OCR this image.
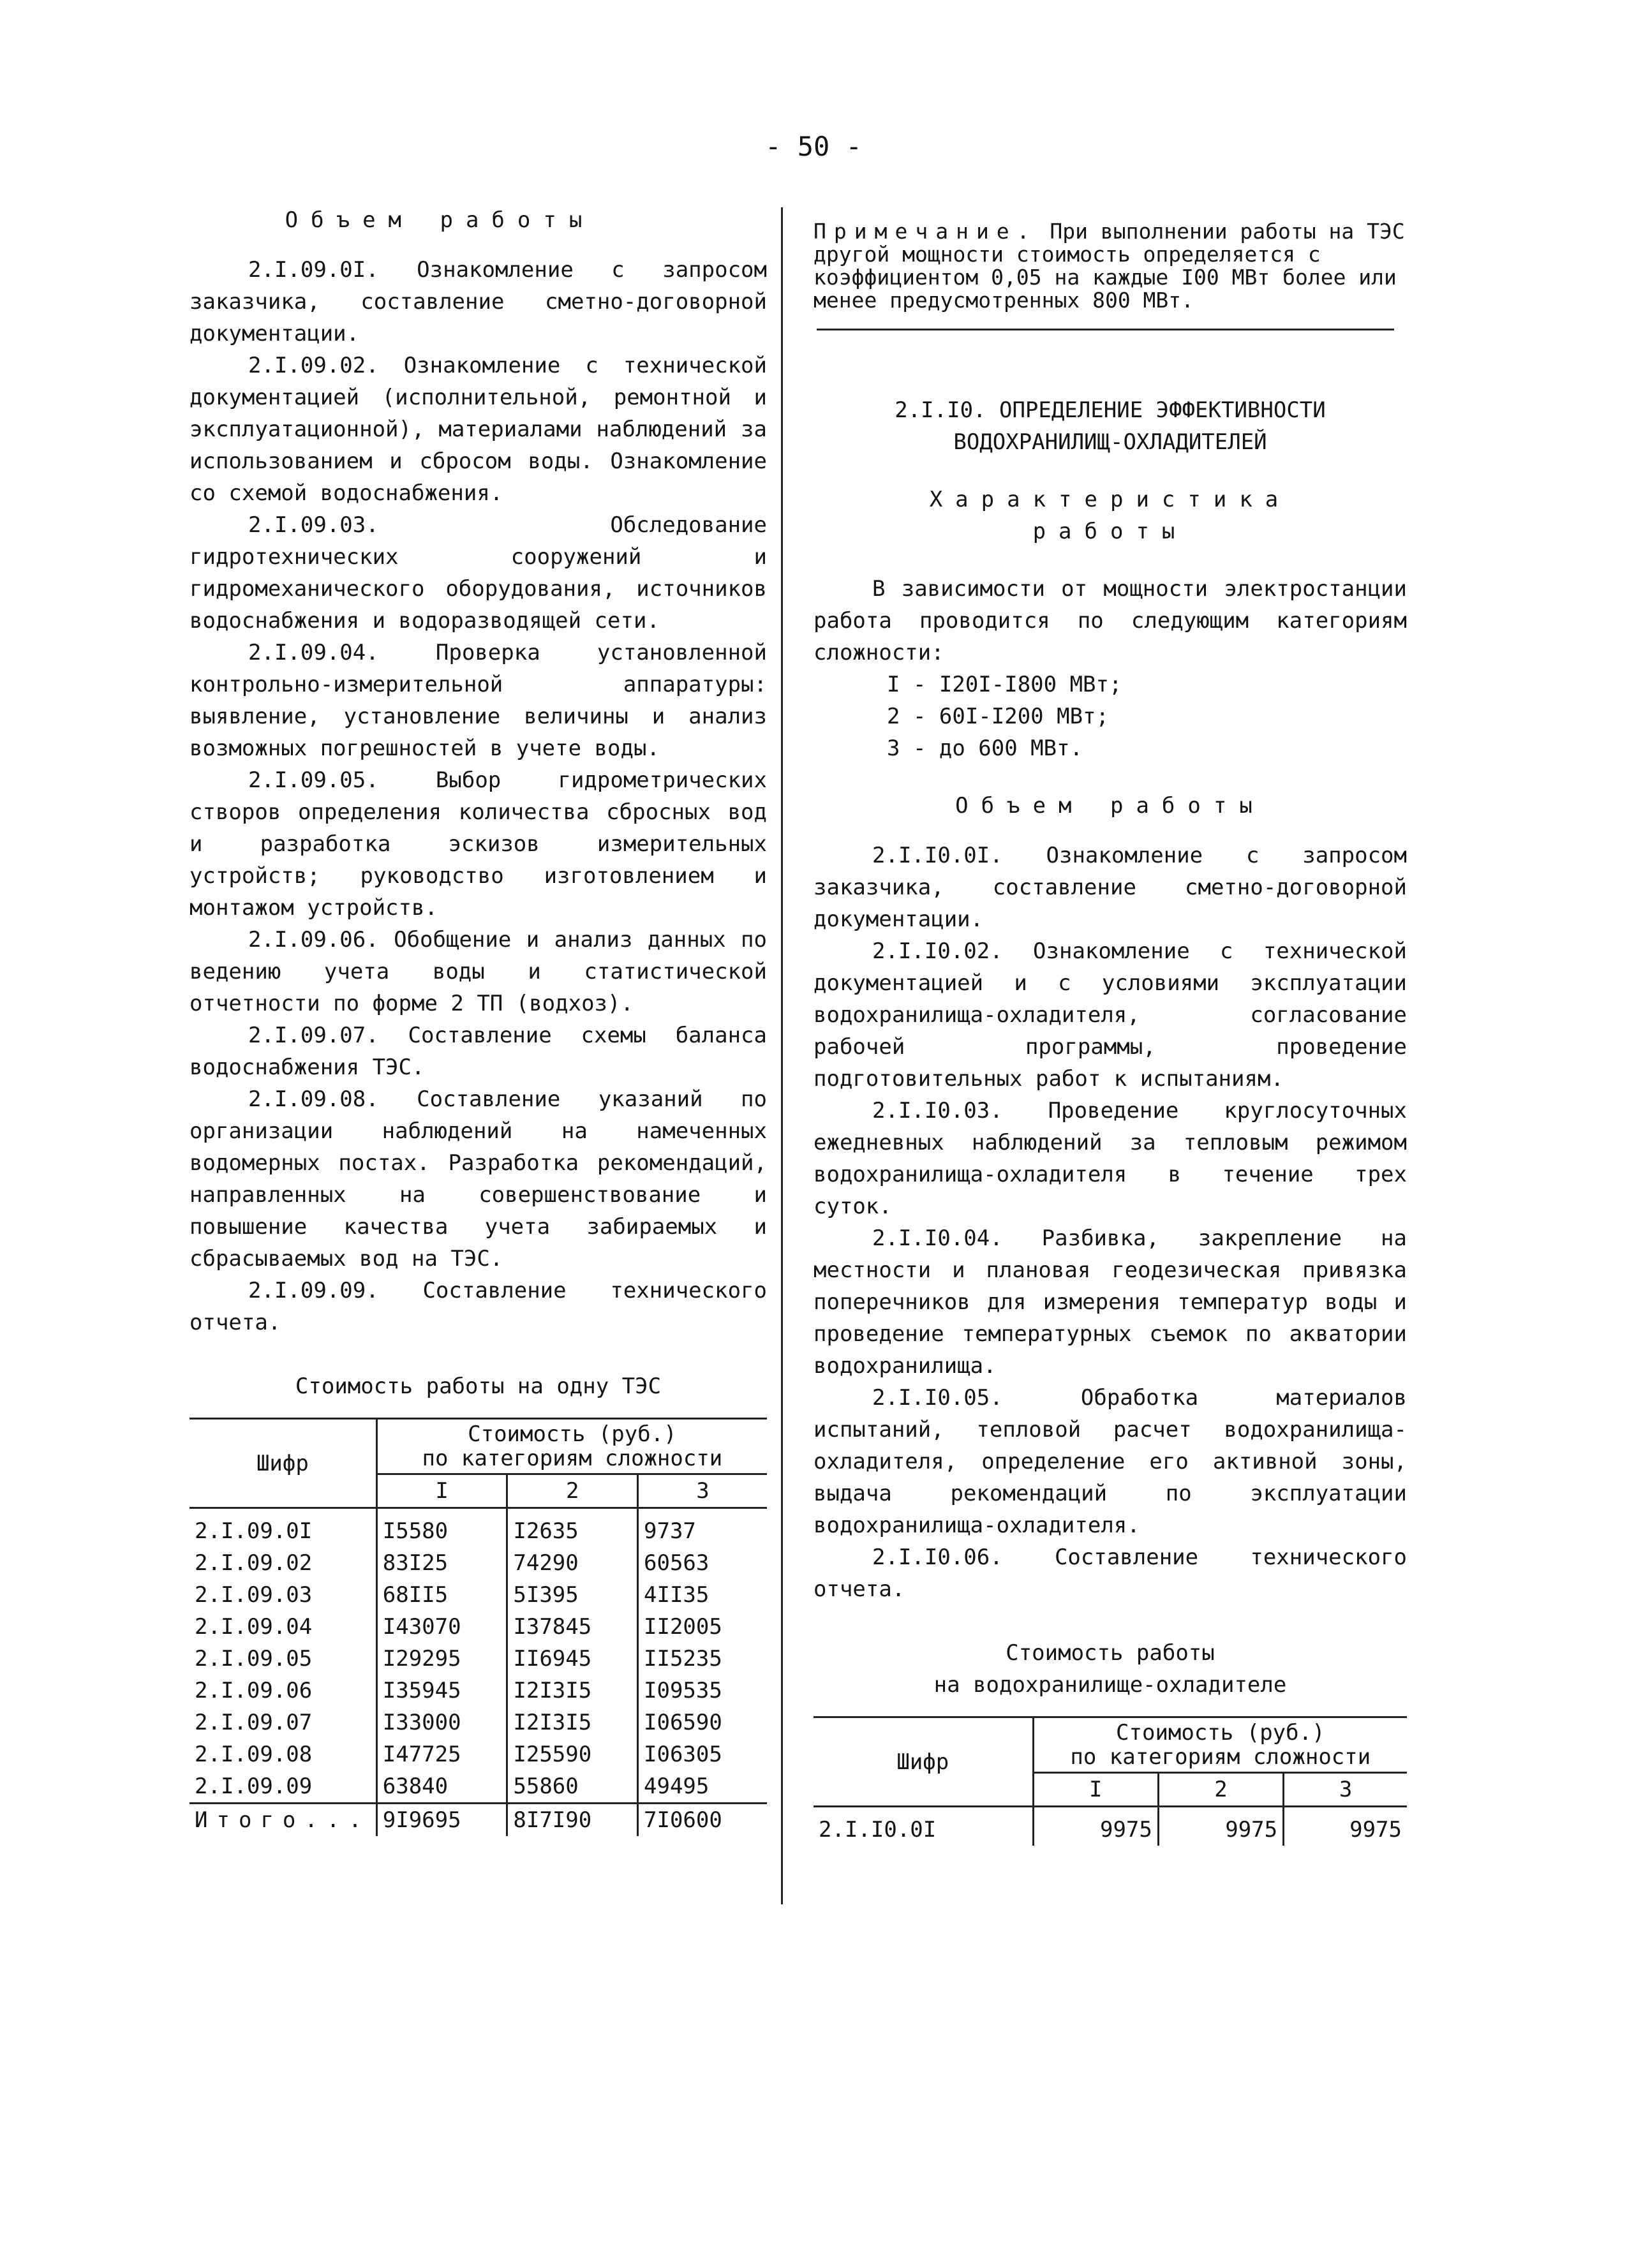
- 50 -

Объем работы

2.I.09.0I. Ознакомление с запросом заказчика, составление сметно-договорной документации.

2.I.09.02. Ознакомление с технической документацией (исполнительной, ремонтной и эксплуатационной), материалами наблюдений за использованием и сбросом воды. Ознакомление со схемой водоснабжения.

2.I.09.03. Обследование гидротехнических сооружений и гидромеханического оборудования, источников водоснабжения и водоразводящей сети.

2.I.09.04. Проверка установленной контрольно-измерительной аппаратуры: выявление, установление величины и анализ возможных погрешностей в учете воды.

2.I.09.05. Выбор гидрометрических створов определения количества сбросных вод и разработка эскизов измерительных устройств; руководство изготовлением и монтажом устройств.

2.I.09.06. Обобщение и анализ данных по ведению учета воды и статистической отчетности по форме 2 ТП (водхоз).

2.I.09.07. Составление схемы баланса водоснабжения ТЭС.

2.I.09.08. Составление указаний по организации наблюдений на намеченных водомерных постах. Разработка рекомендаций, направленных на совершенствование и повышение качества учета забираемых и сбрасываемых вод на ТЭС.

2.I.09.09. Составление технического отчета.

Стоимость работы на одну ТЭС

Шифр	Стоимость (руб.)
по категориям сложности		
	I	2	3
2.I.09.0I	I5580	I2635	9737
2.I.09.02	83I25	74290	60563
2.I.09.03	68II5	5I395	4II35
2.I.09.04	I43070	I37845	II2005
2.I.09.05	I29295	II6945	II5235
2.I.09.06	I35945	I2I3I5	I09535
2.I.09.07	I33000	I2I3I5	I06590
2.I.09.08	I47725	I25590	I06305
2.I.09.09	63840	55860	49495
Итого...	9I9695	8I7I90	7I0600

Примечание. При выполнении работы на ТЭС другой мощности стоимость определяется с коэффициентом 0,05 на каждые I00 МВт более или менее предусмотренных 800 МВт.

2.I.I0. ОПРЕДЕЛЕНИЕ ЭФФЕКТИВНОСТИ

ВОДОХРАНИЛИЩ-ОХЛАДИТЕЛЕЙ

Характеристика

работы

В зависимости от мощности электростанции работа проводится по следующим категориям сложности:

I - I20I-I800 МВт;

2 - 60I-I200 МВт;

3 - до 600 МВт.

Объем работы

2.I.I0.0I. Ознакомление с запросом заказчика, составление сметно-договорной документации.

2.I.I0.02. Ознакомление с технической документацией и с условиями эксплуатации водохранилища-охладителя, согласование рабочей программы, проведение подготовительных работ к испытаниям.

2.I.I0.03. Проведение круглосуточных ежедневных наблюдений за тепловым режимом водохранилища-охладителя в течение трех суток.

2.I.I0.04. Разбивка, закрепление на местности и плановая геодезическая привязка поперечников для измерения температур воды и проведение температурных съемок по акватории водохранилища.

2.I.I0.05. Обработка материалов испытаний, тепловой расчет водохранилища-охладителя, определение его активной зоны, выдача рекомендаций по эксплуатации водохранилища-охладителя.

2.I.I0.06. Составление технического отчета.

Стоимость работы

на водохранилище-охладителе

Шифр	Стоимость (руб.)
по категориям сложности		
	I	2	3
2.I.I0.0I	9975	9975	9975
